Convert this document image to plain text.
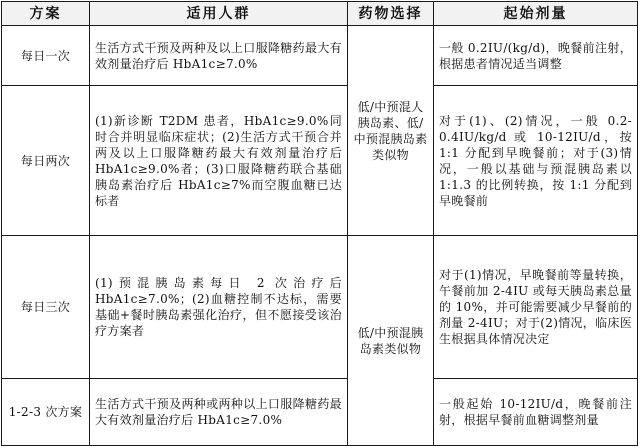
方案	适用人群	药物选择	起始剂量
每日一次	生活方式干预及两种及以上口服降糖药最大有效剂量治疗后 HbA1c≥7.0%	低/中预混人胰岛素、低/中预混胰岛素类似物	一般 0.2IU/(kg/d)，晚餐前注射，根据患者情况适当调整
每日两次	(1)新诊断 T2DM 患者，HbA1c≥9.0%同时合并明显临床症状；(2)生活方式干预合并两及以上口服降糖药最大有效剂量治疗后 HbA1c≥9.0%者；(3)口服降糖药联合基础胰岛素治疗后 HbA1c≥7%而空腹血糖已达标者		对于(1)、(2)情况，一般 0.2-0.4IU/kg/d 或 10-12IU/d，按 1:1 分配到早晚餐前；对于(3)情况，一般以基础与预混胰岛素以 1:1.3 的比例转换，按 1:1 分配到早晚餐前
每日三次	(1)预混胰岛素每日 2 次治疗后 HbA1c≥7.0%；(2)血糖控制不达标，需要基础+餐时胰岛素强化治疗，但不愿接受该治疗方案者	低/中预混胰岛素类似物	对于(1)情况，早晚餐前等量转换，午餐前加 2-4IU 或每天胰岛素总量的 10%，并可能需要减少早餐前的剂量 2-4IU；对于(2)情况，临床医生根据具体情况决定
1-2-3 次方案	生活方式干预及两种或两种以上口服降糖药最大有效剂量治疗后 HbA1c≥7.0%		一般起始 10-12IU/d，晚餐前注射，根据早餐前血糖调整剂量
